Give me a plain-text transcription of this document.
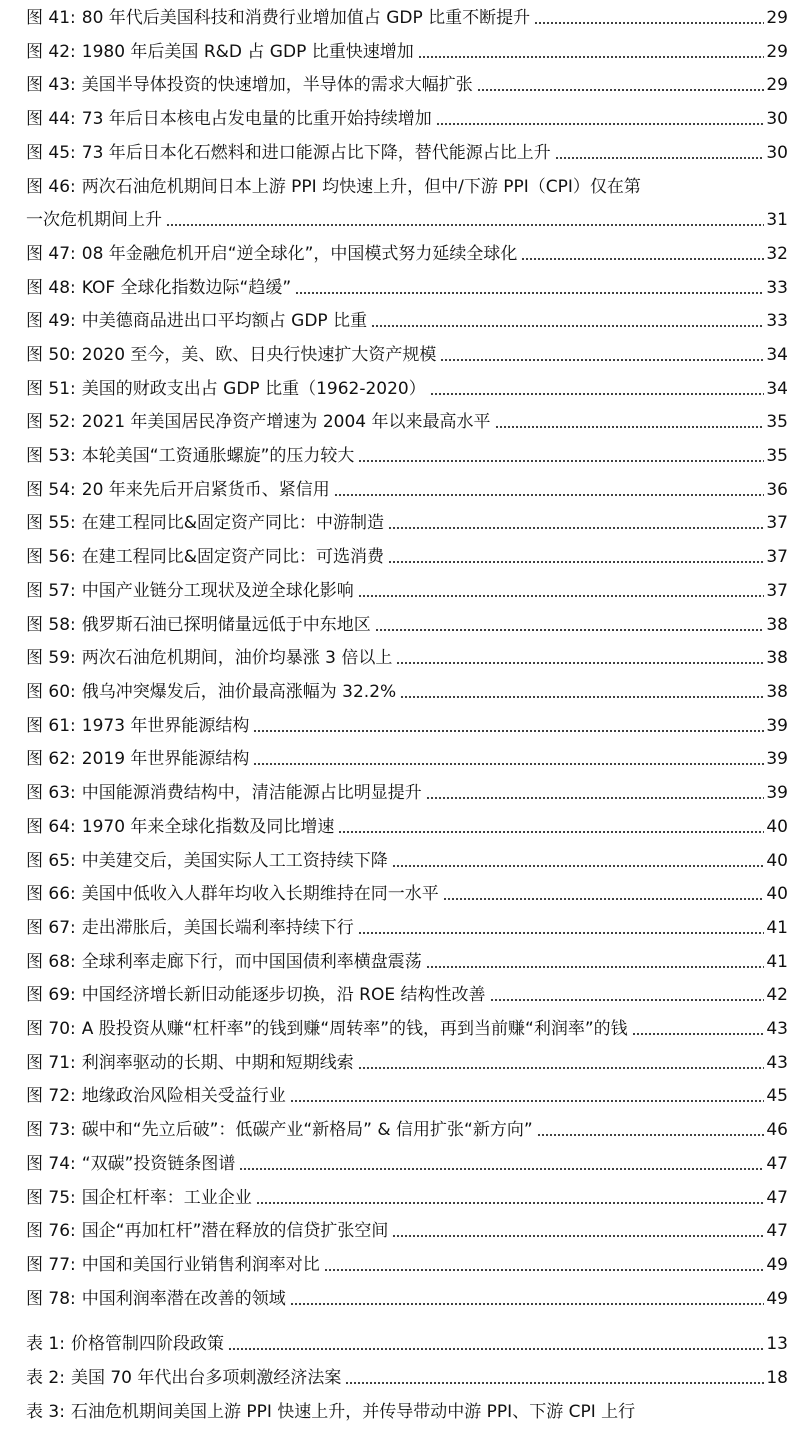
图 41: 80 年代后美国科技和消费行业增加值占 GDP 比重不断提升	29
图 42: 1980 年后美国 R&D 占 GDP 比重快速增加	29
图 43: 美国半导体投资的快速增加，半导体的需求大幅扩张	29
图 44: 73 年后日本核电占发电量的比重开始持续增加	30
图 45: 73 年后日本化石燃料和进口能源占比下降，替代能源占比上升	30
图 46: 两次石油危机期间日本上游 PPI 均快速上升，但中/下游 PPI（CPI）仅在第
一次危机期间上升	31
图 47: 08 年金融危机开启“逆全球化”，中国模式努力延续全球化	32
图 48: KOF 全球化指数边际“趋缓”	33
图 49: 中美德商品进出口平均额占 GDP 比重	33
图 50: 2020 至今，美、欧、日央行快速扩大资产规模	34
图 51: 美国的财政支出占 GDP 比重（1962-2020）	34
图 52: 2021 年美国居民净资产增速为 2004 年以来最高水平	35
图 53: 本轮美国“工资通胀螺旋”的压力较大	35
图 54: 20 年来先后开启紧货币、紧信用	36
图 55: 在建工程同比&固定资产同比：中游制造	37
图 56: 在建工程同比&固定资产同比：可选消费	37
图 57: 中国产业链分工现状及逆全球化影响	37
图 58: 俄罗斯石油已探明储量远低于中东地区	38
图 59: 两次石油危机期间，油价均暴涨 3 倍以上	38
图 60: 俄乌冲突爆发后，油价最高涨幅为 32.2%	38
图 61: 1973 年世界能源结构	39
图 62: 2019 年世界能源结构	39
图 63: 中国能源消费结构中，清洁能源占比明显提升	39
图 64: 1970 年来全球化指数及同比增速	40
图 65: 中美建交后，美国实际人工工资持续下降	40
图 66: 美国中低收入人群年均收入长期维持在同一水平	40
图 67: 走出滞胀后，美国长端利率持续下行	41
图 68: 全球利率走廊下行，而中国国债利率横盘震荡	41
图 69: 中国经济增长新旧动能逐步切换，沿 ROE 结构性改善	42
图 70: A 股投资从赚“杠杆率”的钱到赚“周转率”的钱，再到当前赚“利润率”的钱	43
图 71: 利润率驱动的长期、中期和短期线索	43
图 72: 地缘政治风险相关受益行业	45
图 73: 碳中和“先立后破”：低碳产业“新格局” & 信用扩张“新方向”	46
图 74: “双碳”投资链条图谱	47
图 75: 国企杠杆率：工业企业	47
图 76: 国企“再加杠杆”潜在释放的信贷扩张空间	47
图 77: 中国和美国行业销售利润率对比	49
图 78: 中国利润率潜在改善的领域	49
表 1: 价格管制四阶段政策	13
表 2: 美国 70 年代出台多项刺激经济法案	18
表 3: 石油危机期间美国上游 PPI 快速上升，并传导带动中游 PPI、下游 CPI 上行
